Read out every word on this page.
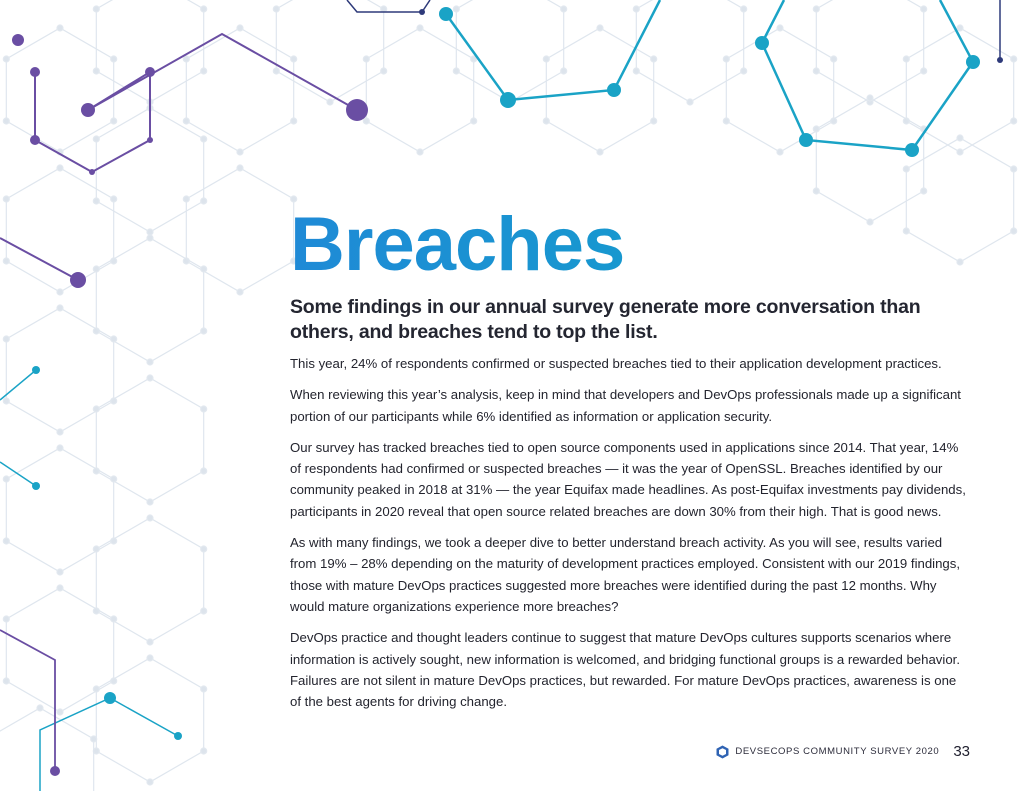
Breaches

Some findings in our annual survey generate more conversation than others, and breaches tend to top the list.

This year, 24% of respondents confirmed or suspected breaches tied to their application development practices.

When reviewing this year’s analysis, keep in mind that developers and DevOps professionals made up a significant portion of our participants while 6% identified as information or application security.

Our survey has tracked breaches tied to open source components used in applications since 2014. That year, 14% of respondents had confirmed or suspected breaches — it was the year of OpenSSL. Breaches identified by our community peaked in 2018 at 31% — the year Equifax made headlines. As post-Equifax investments pay dividends, participants in 2020 reveal that open source related breaches are down 30% from their high. That is good news.

As with many findings, we took a deeper dive to better understand breach activity. As you will see, results varied from 19% – 28% depending on the maturity of development practices employed. Consistent with our 2019 findings, those with mature DevOps practices suggested more breaches were identified during the past 12 months. Why would mature organizations experience more breaches?

DevOps practice and thought leaders continue to suggest that mature DevOps cultures supports scenarios where information is actively sought, new information is welcomed, and bridging functional groups is a rewarded behavior. Failures are not silent in mature DevOps practices, but rewarded. For mature DevOps practices, awareness is one of the best agents for driving change.

DEVSECOPS COMMUNITY SURVEY 2020 33
